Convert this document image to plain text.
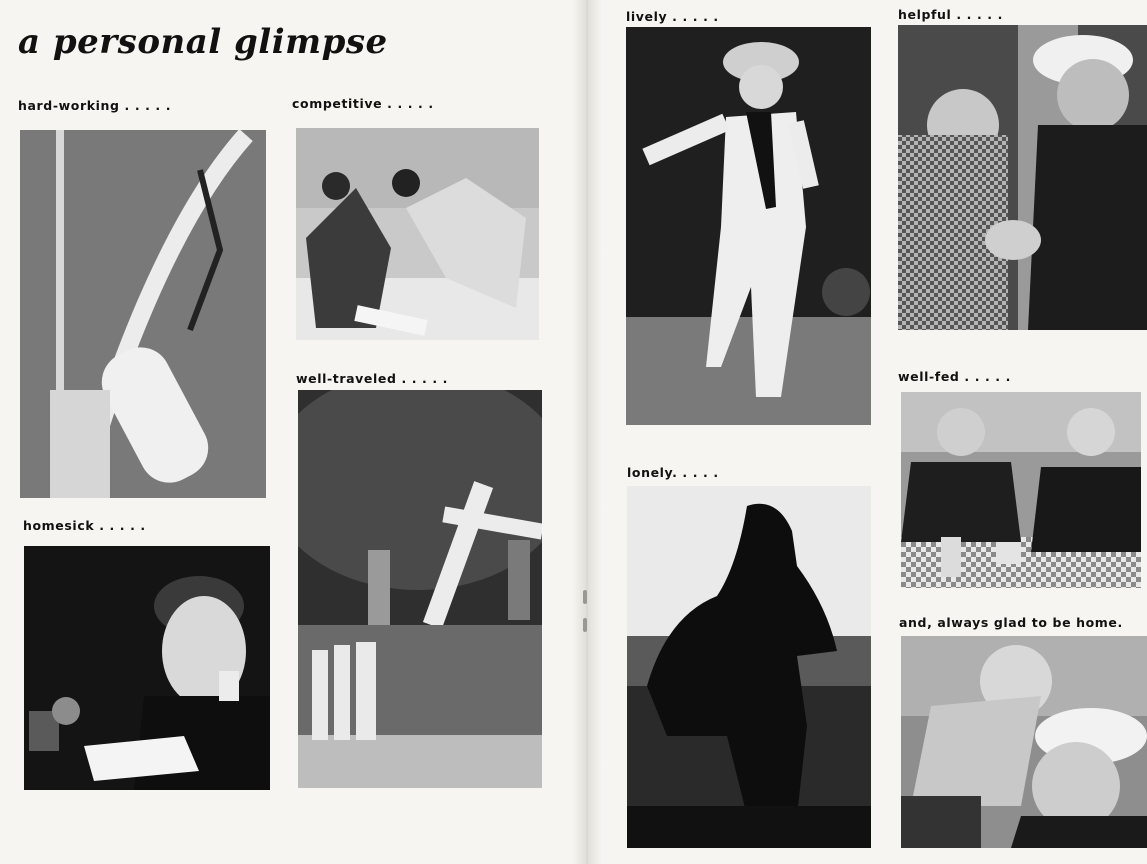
a personal glimpse
hard-working . . . . .	competitive . . . . .
well-traveled . . . . .
homesick . . . . .
lively . . . . .	helpful . . . . .
lonely. . . . .
well-fed . . . . .
and, always glad to be home.
